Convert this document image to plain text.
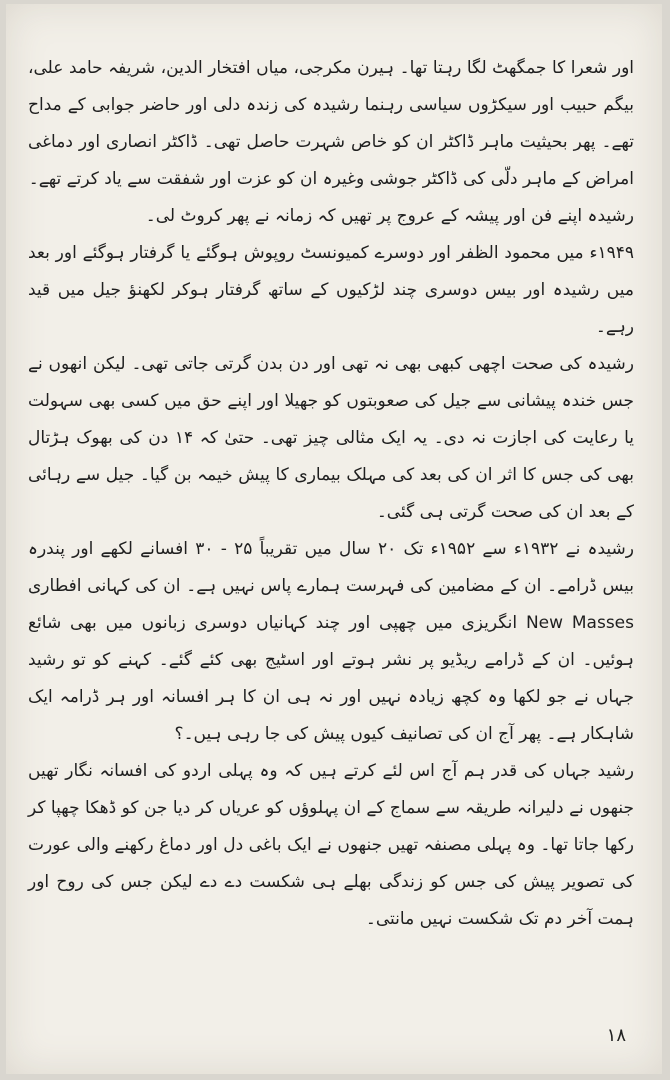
اور شعرا کا جمگھٹ لگا رہتا تھا۔ ہیرن مکرجی، میاں افتخار الدین، شریفہ حامد علی، بیگم حبیب اور سیکڑوں سیاسی رہنما رشیدہ کی زندہ دلی اور حاضر جوابی کے مداح تھے۔ پھر بحیثیت ماہر ڈاکٹر ان کو خاص شہرت حاصل تھی۔ ڈاکٹر انصاری اور دماغی امراض کے ماہر دلّی کی ڈاکٹر جوشی وغیرہ ان کو عزت اور شفقت سے یاد کرتے تھے۔

رشیدہ اپنے فن اور پیشہ کے عروج پر تھیں کہ زمانہ نے پھر کروٹ لی۔

۱۹۴۹ء میں محمود الظفر اور دوسرے کمیونسٹ روپوش ہوگئے یا گرفتار ہوگئے اور بعد میں رشیدہ اور بیس دوسری چند لڑکیوں کے ساتھ گرفتار ہوکر لکھنؤ جیل میں قید رہے۔

رشیدہ کی صحت اچھی کبھی بھی نہ تھی اور دن بدن گرتی جاتی تھی۔ لیکن انھوں نے جس خندہ پیشانی سے جیل کی صعوبتوں کو جھیلا اور اپنے حق میں کسی بھی سہولت یا رعایت کی اجازت نہ دی۔ یہ ایک مثالی چیز تھی۔ حتیٰ کہ ۱۴ دن کی بھوک ہڑتال بھی کی جس کا اثر ان کی بعد کی مہلک بیماری کا پیش خیمہ بن گیا۔ جیل سے رہائی کے بعد ان کی صحت گرتی ہی گئی۔

رشیدہ نے ۱۹۳۲ء سے ۱۹۵۲ء تک ۲۰ سال میں تقریباً ۲۵ - ۳۰ افسانے لکھے اور پندرہ بیس ڈرامے۔ ان کے مضامین کی فہرست ہمارے پاس نہیں ہے۔ ان کی کہانی افطاری New Masses انگریزی میں چھپی اور چند کہانیاں دوسری زبانوں میں بھی شائع ہوئیں۔ ان کے ڈرامے ریڈیو پر نشر ہوتے اور اسٹیج بھی کئے گئے۔ کہنے کو تو رشید جہاں نے جو لکھا وہ کچھ زیادہ نہیں اور نہ ہی ان کا ہر افسانہ اور ہر ڈرامہ ایک شاہکار ہے۔ پھر آج ان کی تصانیف کیوں پیش کی جا رہی ہیں۔؟

رشید جہاں کی قدر ہم آج اس لئے کرتے ہیں کہ وہ پہلی اردو کی افسانہ نگار تھیں جنھوں نے دلیرانہ طریقہ سے سماج کے ان پہلوؤں کو عریاں کر دیا جن کو ڈھکا چھپا کر رکھا جاتا تھا۔ وہ پہلی مصنفہ تھیں جنھوں نے ایک باغی دل اور دماغ رکھنے والی عورت کی تصویر پیش کی جس کو زندگی بھلے ہی شکست دے دے لیکن جس کی روح اور ہمت آخر دم تک شکست نہیں مانتی۔

۱۸
